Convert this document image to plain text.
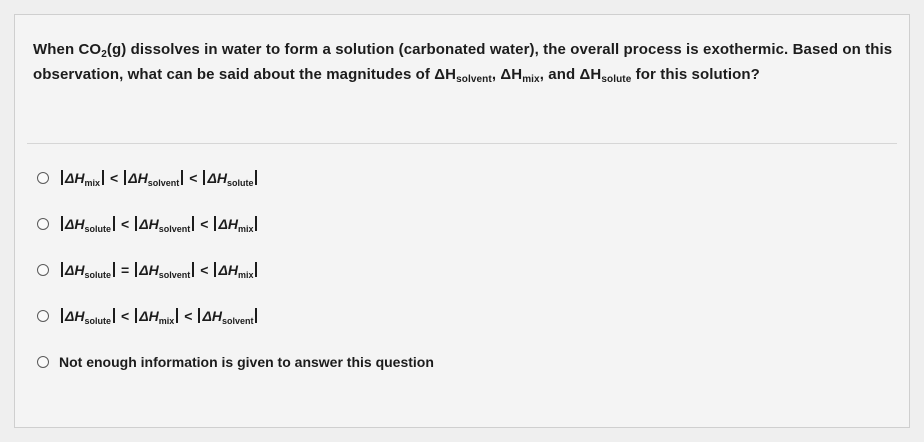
When $CO_2(g)$ dissolves in water to form a solution (carbonated water), the overall process is exothermic. Based on this observation, what can be said about the magnitudes of $\Delta H_{solvent}$, $\Delta H_{mix}$, and $\Delta H_{solute}$ for this solution?
$\Delta H_{mix} < \Delta H_{solvent} < \Delta H_{solute}$
$\Delta H_{solute} < \Delta H_{solvent} < \Delta H_{mix}$
$\Delta H_{solute} = \Delta H_{solvent} < \Delta H_{mix}$
$\Delta H_{solute} < \Delta H_{mix} < \Delta H_{solvent}$
Not enough information is given to answer this question
